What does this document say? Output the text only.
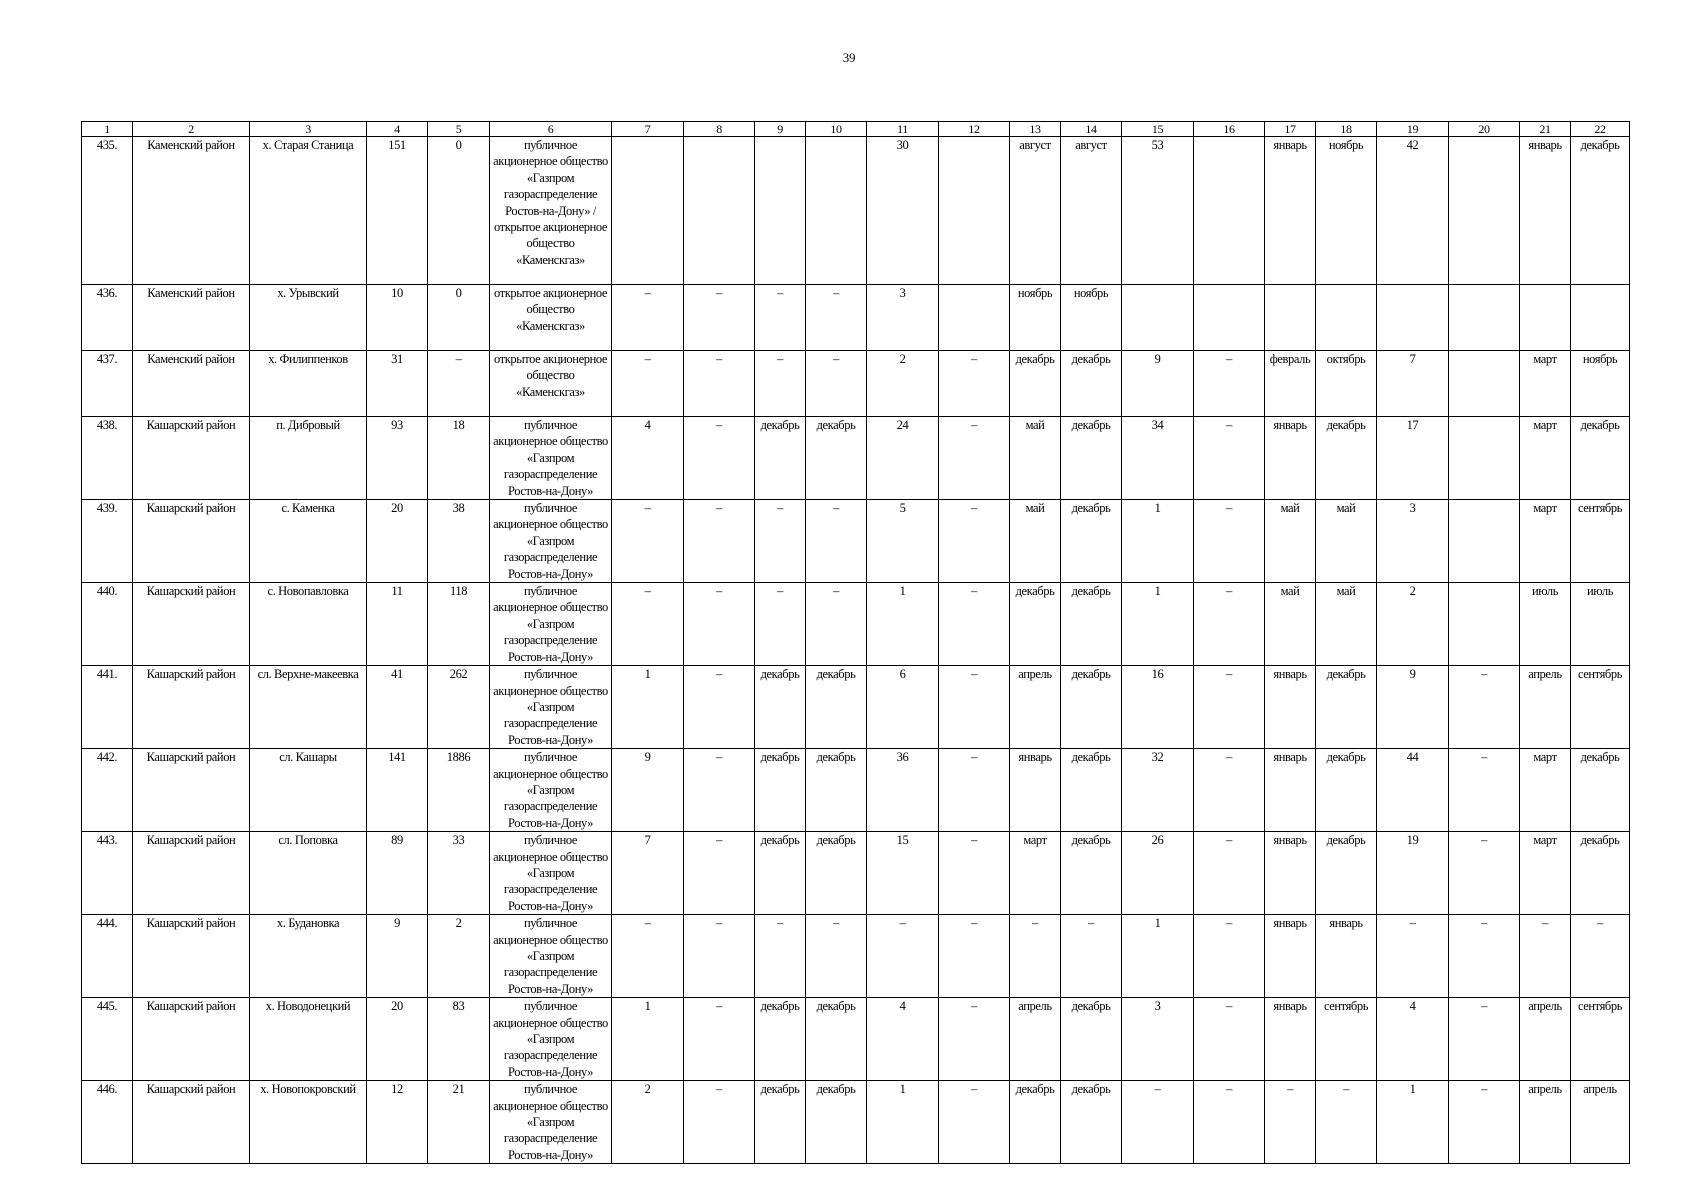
39
1	2	3	4	5	6	7	8	9	10	11	12	13	14	15	16	17	18	19	20	21	22
435.	Каменский район	х. Старая Станица	151	0	публичное акционерное общество «Газпром газораспределение Ростов-на-Дону» / открытое акционерное общество «Каменскгаз»					30		август	август	53		январь	ноябрь	42		январь	декабрь
436.	Каменский район	х. Урывский	10	0	открытое акционерное общество «Каменскгаз»	–	–	–	–	3		ноябрь	ноябрь								
437.	Каменский район	х. Филиппенков	31	–	открытое акционерное общество «Каменскгаз»	–	–	–	–	2	–	декабрь	декабрь	9	–	февраль	октябрь	7		март	ноябрь
438.	Кашарский район	п. Дибровый	93	18	публичное акционерное общество «Газпром газораспределение Ростов-на-Дону»	4	–	декабрь	декабрь	24	–	май	декабрь	34	–	январь	декабрь	17		март	декабрь
439.	Кашарский район	с. Каменка	20	38	публичное акционерное общество «Газпром газораспределение Ростов-на-Дону»	–	–	–	–	5	–	май	декабрь	1	–	май	май	3		март	сентябрь
440.	Кашарский район	с. Новопавловка	11	118	публичное акционерное общество «Газпром газораспределение Ростов-на-Дону»	–	–	–	–	1	–	декабрь	декабрь	1	–	май	май	2		июль	июль
441.	Кашарский район	сл. Верхне-макеевка	41	262	публичное акционерное общество «Газпром газораспределение Ростов-на-Дону»	1	–	декабрь	декабрь	6	–	апрель	декабрь	16	–	январь	декабрь	9	–	апрель	сентябрь
442.	Кашарский район	сл. Кашары	141	1886	публичное акционерное общество «Газпром газораспределение Ростов-на-Дону»	9	–	декабрь	декабрь	36	–	январь	декабрь	32	–	январь	декабрь	44	–	март	декабрь
443.	Кашарский район	сл. Поповка	89	33	публичное акционерное общество «Газпром газораспределение Ростов-на-Дону»	7	–	декабрь	декабрь	15	–	март	декабрь	26	–	январь	декабрь	19	–	март	декабрь
444.	Кашарский район	х. Будановка	9	2	публичное акционерное общество «Газпром газораспределение Ростов-на-Дону»	–	–	–	–	–	–	–	–	1	–	январь	январь	–	–	–	–
445.	Кашарский район	х. Новодонецкий	20	83	публичное акционерное общество «Газпром газораспределение Ростов-на-Дону»	1	–	декабрь	декабрь	4	–	апрель	декабрь	3	–	январь	сентябрь	4	–	апрель	сентябрь
446.	Кашарский район	х. Новопокровский	12	21	публичное акционерное общество «Газпром газораспределение Ростов-на-Дону»	2	–	декабрь	декабрь	1	–	декабрь	декабрь	–	–	–	–	1	–	апрель	апрель
